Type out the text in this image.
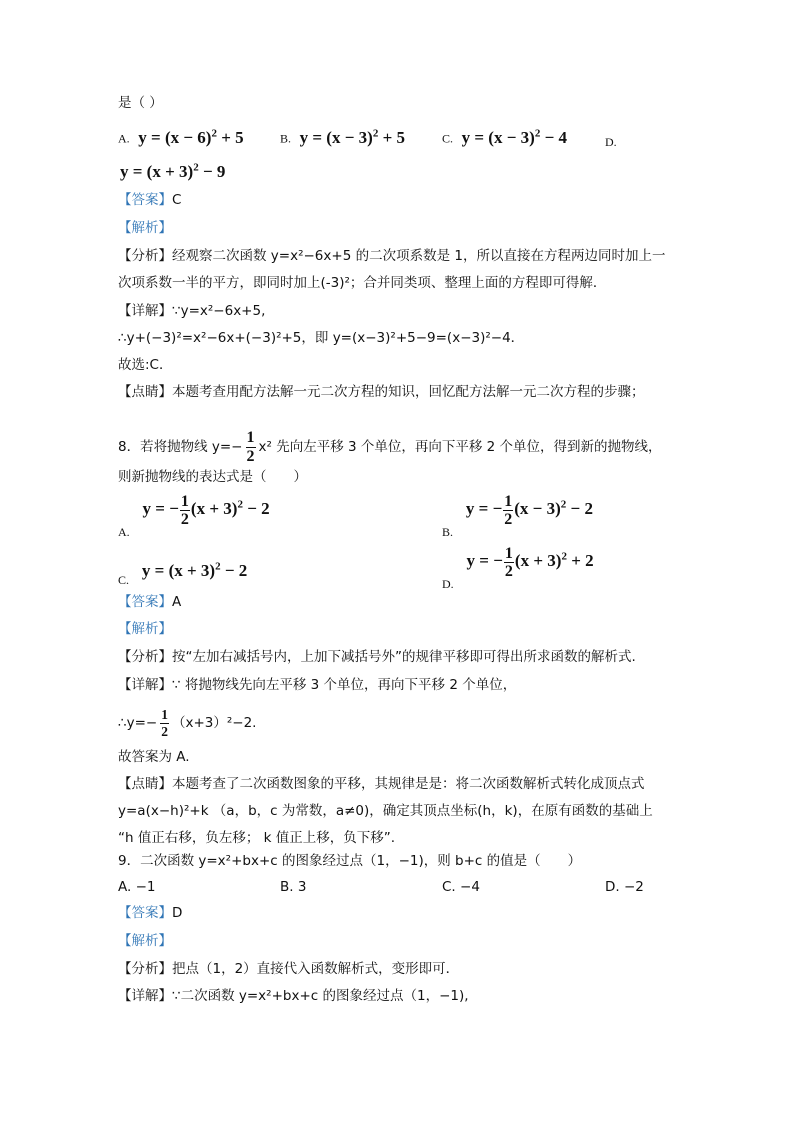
是（ ）
A. $y = (x - 6)^2 + 5$	B. $y = (x - 3)^2 + 5$	C. $y = (x - 3)^2 - 4$	D.
$y = (x + 3)^2 - 9$
【答案】C
【解析】
【分析】经观察二次函数 y=x²−6x+5 的二次项系数是 1，所以直接在方程两边同时加上一
次项系数一半的平方，即同时加上(-3)²；合并同类项、整理上面的方程即可得解．
【详解】∵y=x²−6x+5,
∴y+(−3)²=x²−6x+(−3)²+5，即 y=(x−3)²+5−9=(x−3)²−4．
故选:C．
【点睛】本题考查用配方法解一元二次方程的知识，回忆配方法解一元二次方程的步骤；
8．若将抛物线 $y=- \frac{1}{2} x^2$ 先向左平移 3 个单位，再向下平移 2 个单位，得到新的抛物线，
则新抛物线的表达式是（　　）
A.   y = − $\frac{1}{2} (x + 3)^2 - 2$
B.   y = − $\frac{1}{2} (x - 3)^2 - 2$
C. $y = (x + 3)^2 - 2$
D.   y = − $\frac{1}{2} (x + 3)^2 + 2$
【答案】A
【解析】
【分析】按“左加右减括号内，上加下减括号外”的规律平移即可得出所求函数的解析式.
【详解】∵ 将抛物线先向左平移 3 个单位，再向下平移 2 个单位，
∴y=− $\frac{1}{2} (x+3)^2-2$.
故答案为 A.
【点睛】本题考查了二次函数图象的平移，其规律是是：将二次函数解析式转化成顶点式
y=a(x−h)²+k （a，b，c 为常数，a≠0)，确定其顶点坐标(h，k)，在原有函数的基础上
“h 值正右移，负左移； k 值正上移，负下移”.
9．二次函数 y=x²+bx+c 的图象经过点（1，−1)，则 b+c 的值是（　　）
A. −1	B. 3	C. −4	D. −2
【答案】D
【解析】
【分析】把点（1，2）直接代入函数解析式，变形即可．
【详解】∵二次函数 y=x²+bx+c 的图象经过点（1，−1),
